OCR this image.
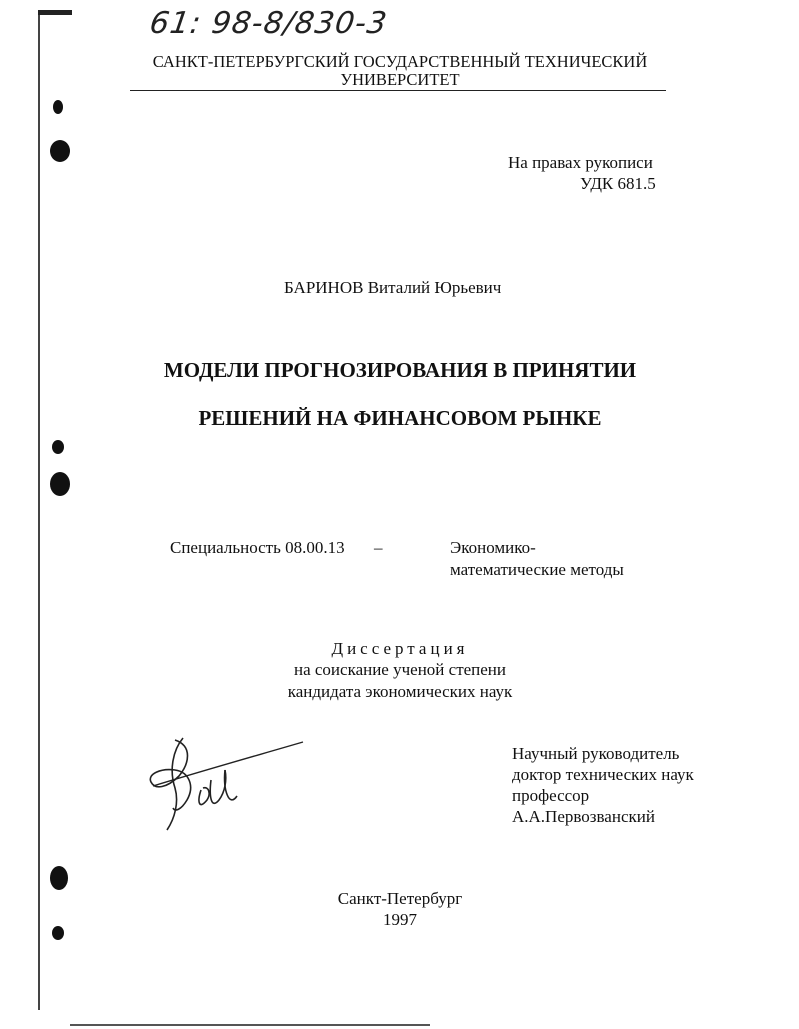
61: 98-8/830-3
САНКТ-ПЕТЕРБУРГСКИЙ ГОСУДАРСТВЕННЫЙ ТЕХНИЧЕСКИЙ
УНИВЕРСИТЕТ
На правах рукописи
УДК 681.5
БАРИНОВ Виталий Юрьевич
МОДЕЛИ ПРОГНОЗИРОВАНИЯ В ПРИНЯТИИ
РЕШЕНИЙ НА ФИНАНСОВОМ РЫНКЕ
Специальность 08.00.13 –	Экономико-
математические методы
Диссертация
на соискание ученой степени
кандидата экономических наук
Научный руководитель
доктор технических наук
профессор
А.А.Первозванский
Санкт-Петербург
1997
